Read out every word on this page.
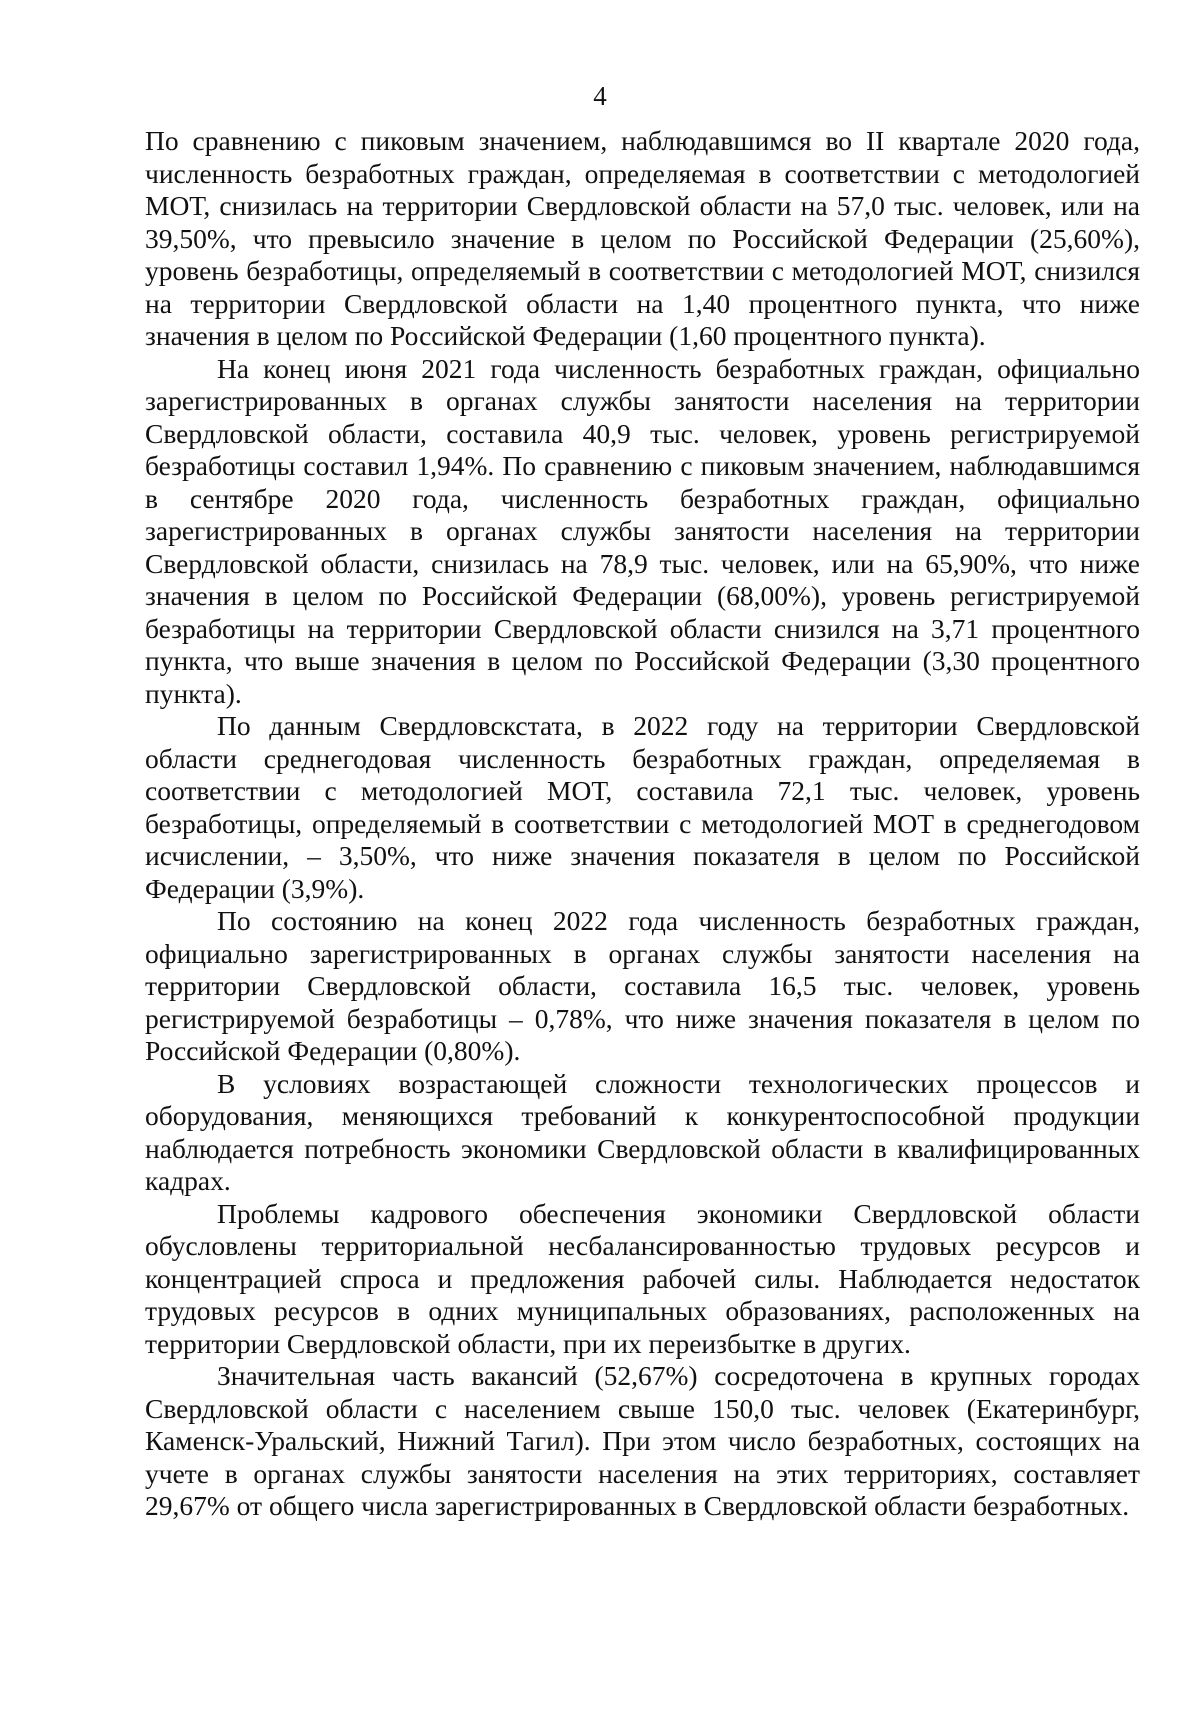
4

По сравнению с пиковым значением, наблюдавшимся во II квартале 2020 года, численность безработных граждан, определяемая в соответствии с методологией МОТ, снизилась на территории Свердловской области на 57,0 тыс. человек, или на 39,50%, что превысило значение в целом по Российской Федерации (25,60%), уровень безработицы, определяемый в соответствии с методологией МОТ, снизился на территории Свердловской области на 1,40 процентного пункта, что ниже значения в целом по Российской Федерации (1,60 процентного пункта).

На конец июня 2021 года численность безработных граждан, официально зарегистрированных в органах службы занятости населения на территории Свердловской области, составила 40,9 тыс. человек, уровень регистрируемой безработицы составил 1,94%. По сравнению с пиковым значением, наблюдавшимся в сентябре 2020 года, численность безработных граждан, официально зарегистрированных в органах службы занятости населения на территории Свердловской области, снизилась на 78,9 тыс. человек, или на 65,90%, что ниже значения в целом по Российской Федерации (68,00%), уровень регистрируемой безработицы на территории Свердловской области снизился на 3,71 процентного пункта, что выше значения в целом по Российской Федерации (3,30 процентного пункта).

По данным Свердловскстата, в 2022 году на территории Свердловской области среднегодовая численность безработных граждан, определяемая в соответствии с методологией МОТ, составила 72,1 тыс. человек, уровень безработицы, определяемый в соответствии с методологией МОТ в среднегодовом исчислении, – 3,50%, что ниже значения показателя в целом по Российской Федерации (3,9%).

По состоянию на конец 2022 года численность безработных граждан, официально зарегистрированных в органах службы занятости населения на территории Свердловской области, составила 16,5 тыс. человек, уровень регистрируемой безработицы – 0,78%, что ниже значения показателя в целом по Российской Федерации (0,80%).

В условиях возрастающей сложности технологических процессов и оборудования, меняющихся требований к конкурентоспособной продукции наблюдается потребность экономики Свердловской области в квалифицированных кадрах.

Проблемы кадрового обеспечения экономики Свердловской области обусловлены территориальной несбалансированностью трудовых ресурсов и концентрацией спроса и предложения рабочей силы. Наблюдается недостаток трудовых ресурсов в одних муниципальных образованиях, расположенных на территории Свердловской области, при их переизбытке в других.

Значительная часть вакансий (52,67%) сосредоточена в крупных городах Свердловской области с населением свыше 150,0 тыс. человек (Екатеринбург, Каменск-Уральский, Нижний Тагил). При этом число безработных, состоящих на учете в органах службы занятости населения на этих территориях, составляет 29,67% от общего числа зарегистрированных в Свердловской области безработных.
